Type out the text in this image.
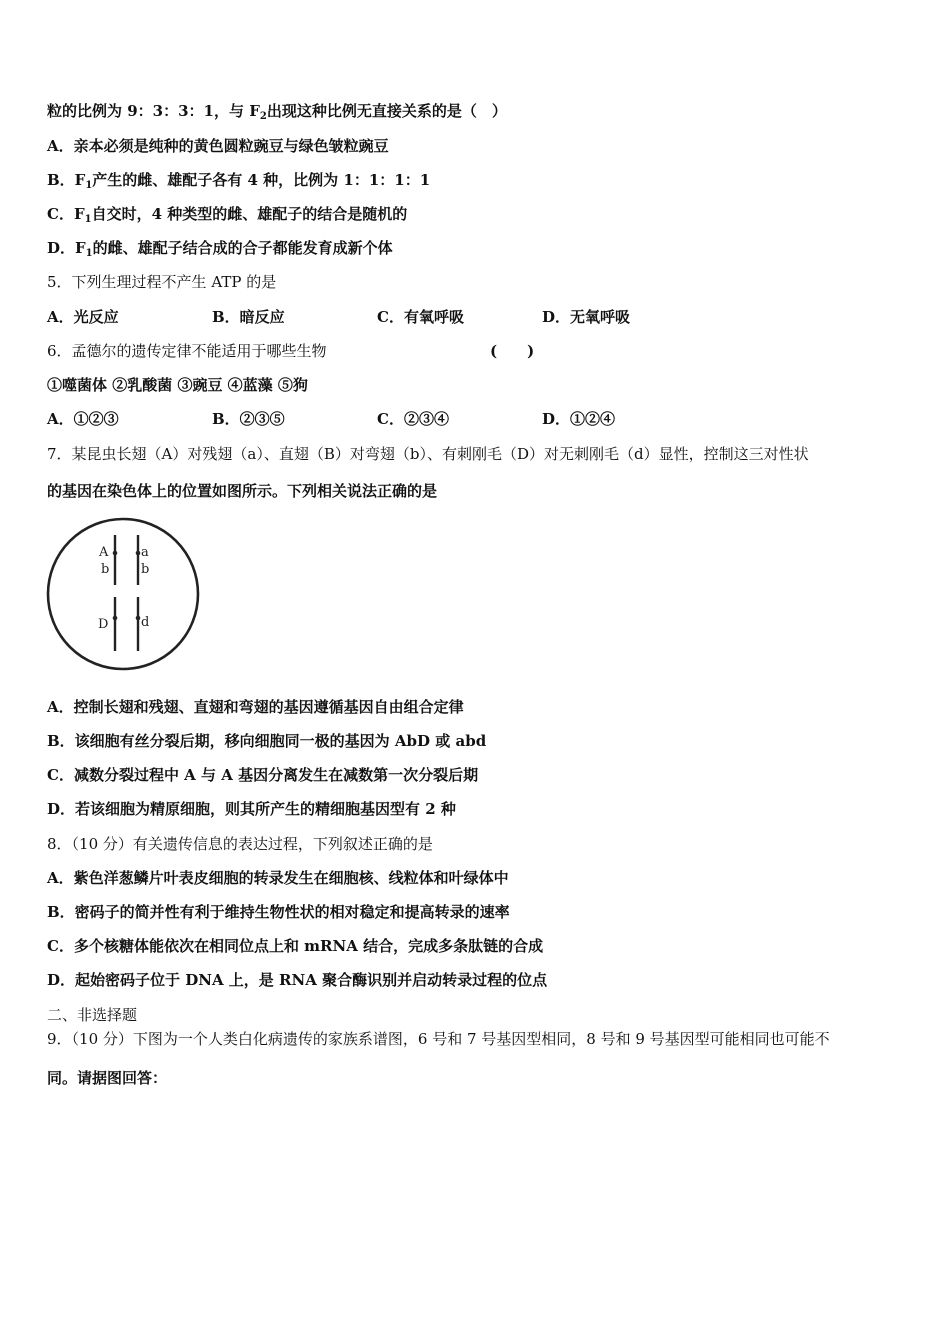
粒的比例为 9：3：3：1，与 $F_2$出现这种比例无直接关系的是（　）
A．亲本必须是纯种的黄色圆粒豌豆与绿色皱粒豌豆
B．$F_1$产生的雌、雄配子各有 4 种，比例为 1：1：1：1
C．$F_1$自交时，4 种类型的雌、雄配子的结合是随机的
D．$F_1$的雌、雄配子结合成的合子都能发育成新个体
5．下列生理过程不产生 ATP 的是
A．光反应	B．暗反应	C．有氧呼吸	D．无氧呼吸
6．孟德尔的遗传定律不能适用于哪些生物	(　　)
①噬菌体 ②乳酸菌 ③豌豆 ④蓝藻 ⑤狗
A．①②③	B．②③⑤	C．②③④	D．①②④
7．某昆虫长翅（A）对残翅（a）、直翅（B）对弯翅（b）、有刺刚毛（D）对无刺刚毛（d）显性，控制这三对性状
的基因在染色体上的位置如图所示。下列相关说法正确的是
A	a
b b
D	d
A．控制长翅和残翅、直翅和弯翅的基因遵循基因自由组合定律
B．该细胞有丝分裂后期，移向细胞同一极的基因为 AbD 或 abd
C．减数分裂过程中 A 与 A 基因分离发生在减数第一次分裂后期
D．若该细胞为精原细胞，则其所产生的精细胞基因型有 2 种
8．（10 分）有关遗传信息的表达过程，下列叙述正确的是
A．紫色洋葱鳞片叶表皮细胞的转录发生在细胞核、线粒体和叶绿体中
B．密码子的简并性有利于维持生物性状的相对稳定和提高转录的速率
C．多个核糖体能依次在相同位点上和 mRNA 结合，完成多条肽链的合成
D．起始密码子位于 DNA 上，是 RNA 聚合酶识别并启动转录过程的位点
二、非选择题
9．（10 分）下图为一个人类白化病遗传的家族系谱图，6 号和 7 号基因型相同，8 号和 9 号基因型可能相同也可能不
同。请据图回答：
